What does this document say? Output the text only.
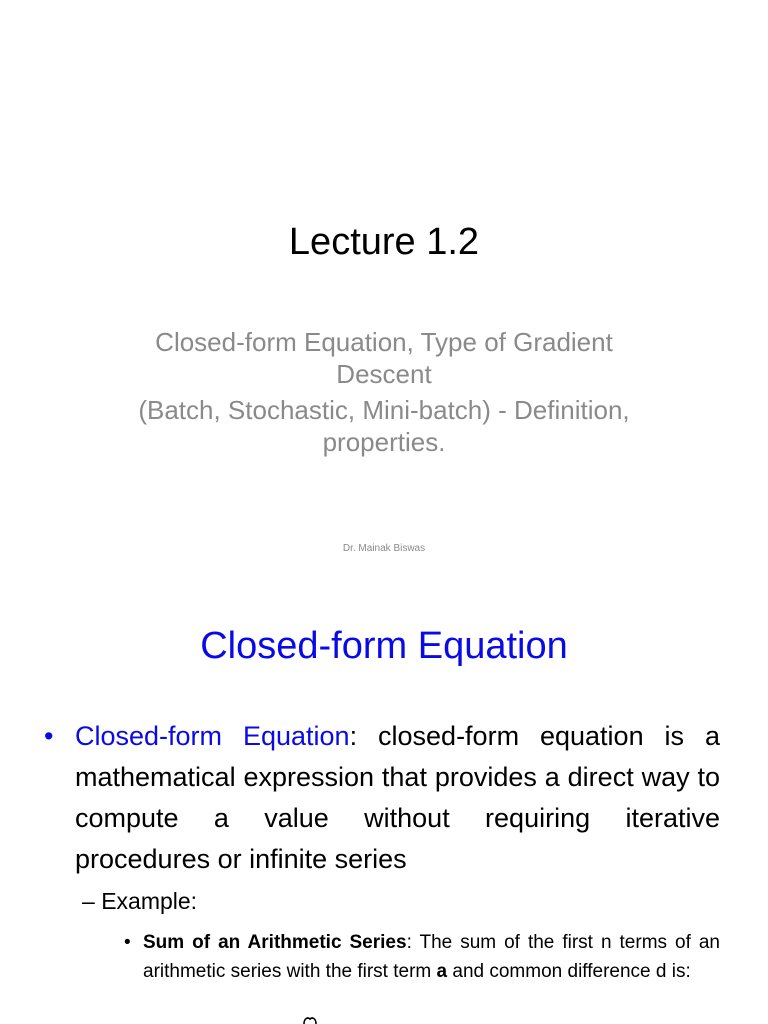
Lecture 1.2
Closed-form Equation, Type of Gradient Descent
(Batch, Stochastic, Mini-batch) - Definition, properties.
Dr. Mainak Biswas
Closed-form Equation
• Closed-form Equation: closed-form equation is a mathematical expression that provides a direct way to compute a value without requiring iterative procedures or infinite series
– Example:
• Sum of an Arithmetic Series: The sum of the first n terms of an arithmetic series with the first term a and common difference d is:
